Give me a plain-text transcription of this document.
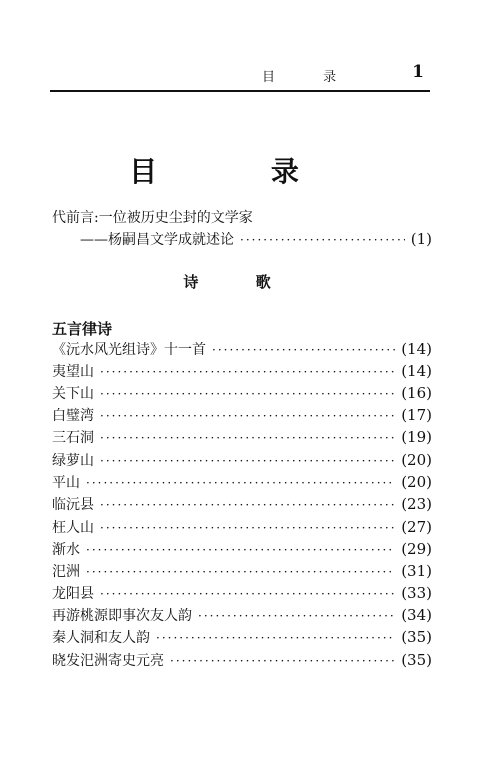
目 录	1
目 录
代前言:一位被历史尘封的文学家
——杨嗣昌文学成就述论 ·····	(1)
诗 歌
五言律诗
《沅水风光组诗》十一首 ·····	(14)
夷望山 ·····	(14)
关下山 ·····	(16)
白璧湾 ·····	(17)
三石洞 ·····	(19)
绿萝山 ·····	(20)
平山 ·····	(20)
临沅县 ·····	(23)
枉人山 ·····	(27)
渐水 ·····	(29)
汜洲 ·····	(31)
龙阳县 ·····	(33)
再游桃源即事次友人韵 ·····	(34)
秦人洞和友人韵 ·····	(35)
晓发汜洲寄史元亮 ·····	(35)
